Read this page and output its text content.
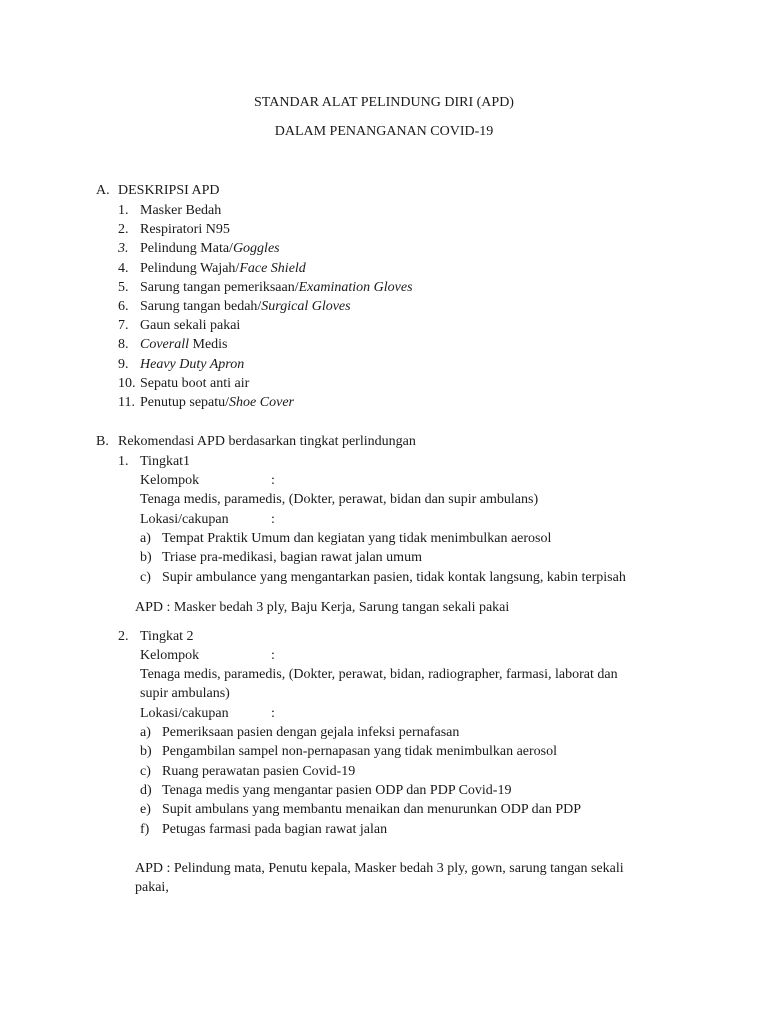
STANDAR ALAT PELINDUNG DIRI (APD)
DALAM PENANGANAN COVID-19
A. DESKRIPSI APD
1. Masker Bedah
2. Respiratori N95
3. Pelindung Mata/Goggles
4. Pelindung Wajah/Face Shield
5. Sarung tangan pemeriksaan/Examination Gloves
6. Sarung tangan bedah/Surgical Gloves
7. Gaun sekali pakai
8. Coverall Medis
9. Heavy Duty Apron
10. Sepatu boot anti air
11. Penutup sepatu/Shoe Cover
B. Rekomendasi APD berdasarkan tingkat perlindungan
1. Tingkat1
Kelompok	:
Tenaga medis, paramedis, (Dokter, perawat, bidan dan supir ambulans)
Lokasi/cakupan	:
a) Tempat Praktik Umum dan kegiatan yang tidak menimbulkan aerosol
b) Triase pra-medikasi, bagian rawat jalan umum
c) Supir ambulance yang mengantarkan pasien, tidak kontak langsung, kabin terpisah
APD : Masker bedah 3 ply, Baju Kerja, Sarung tangan sekali pakai
2. Tingkat 2
Kelompok	:
Tenaga medis, paramedis, (Dokter, perawat, bidan, radiographer, farmasi, laborat dan
supir ambulans)
Lokasi/cakupan	:
a) Pemeriksaan pasien dengan gejala infeksi pernafasan
b) Pengambilan sampel non-pernapasan yang tidak menimbulkan aerosol
c) Ruang perawatan pasien Covid-19
d) Tenaga medis yang mengantar pasien ODP dan PDP Covid-19
e) Supit ambulans yang membantu menaikan dan menurunkan ODP dan PDP
f) Petugas farmasi pada bagian rawat jalan
APD : Pelindung mata, Penutu kepala, Masker bedah 3 ply, gown, sarung tangan sekali
pakai,
